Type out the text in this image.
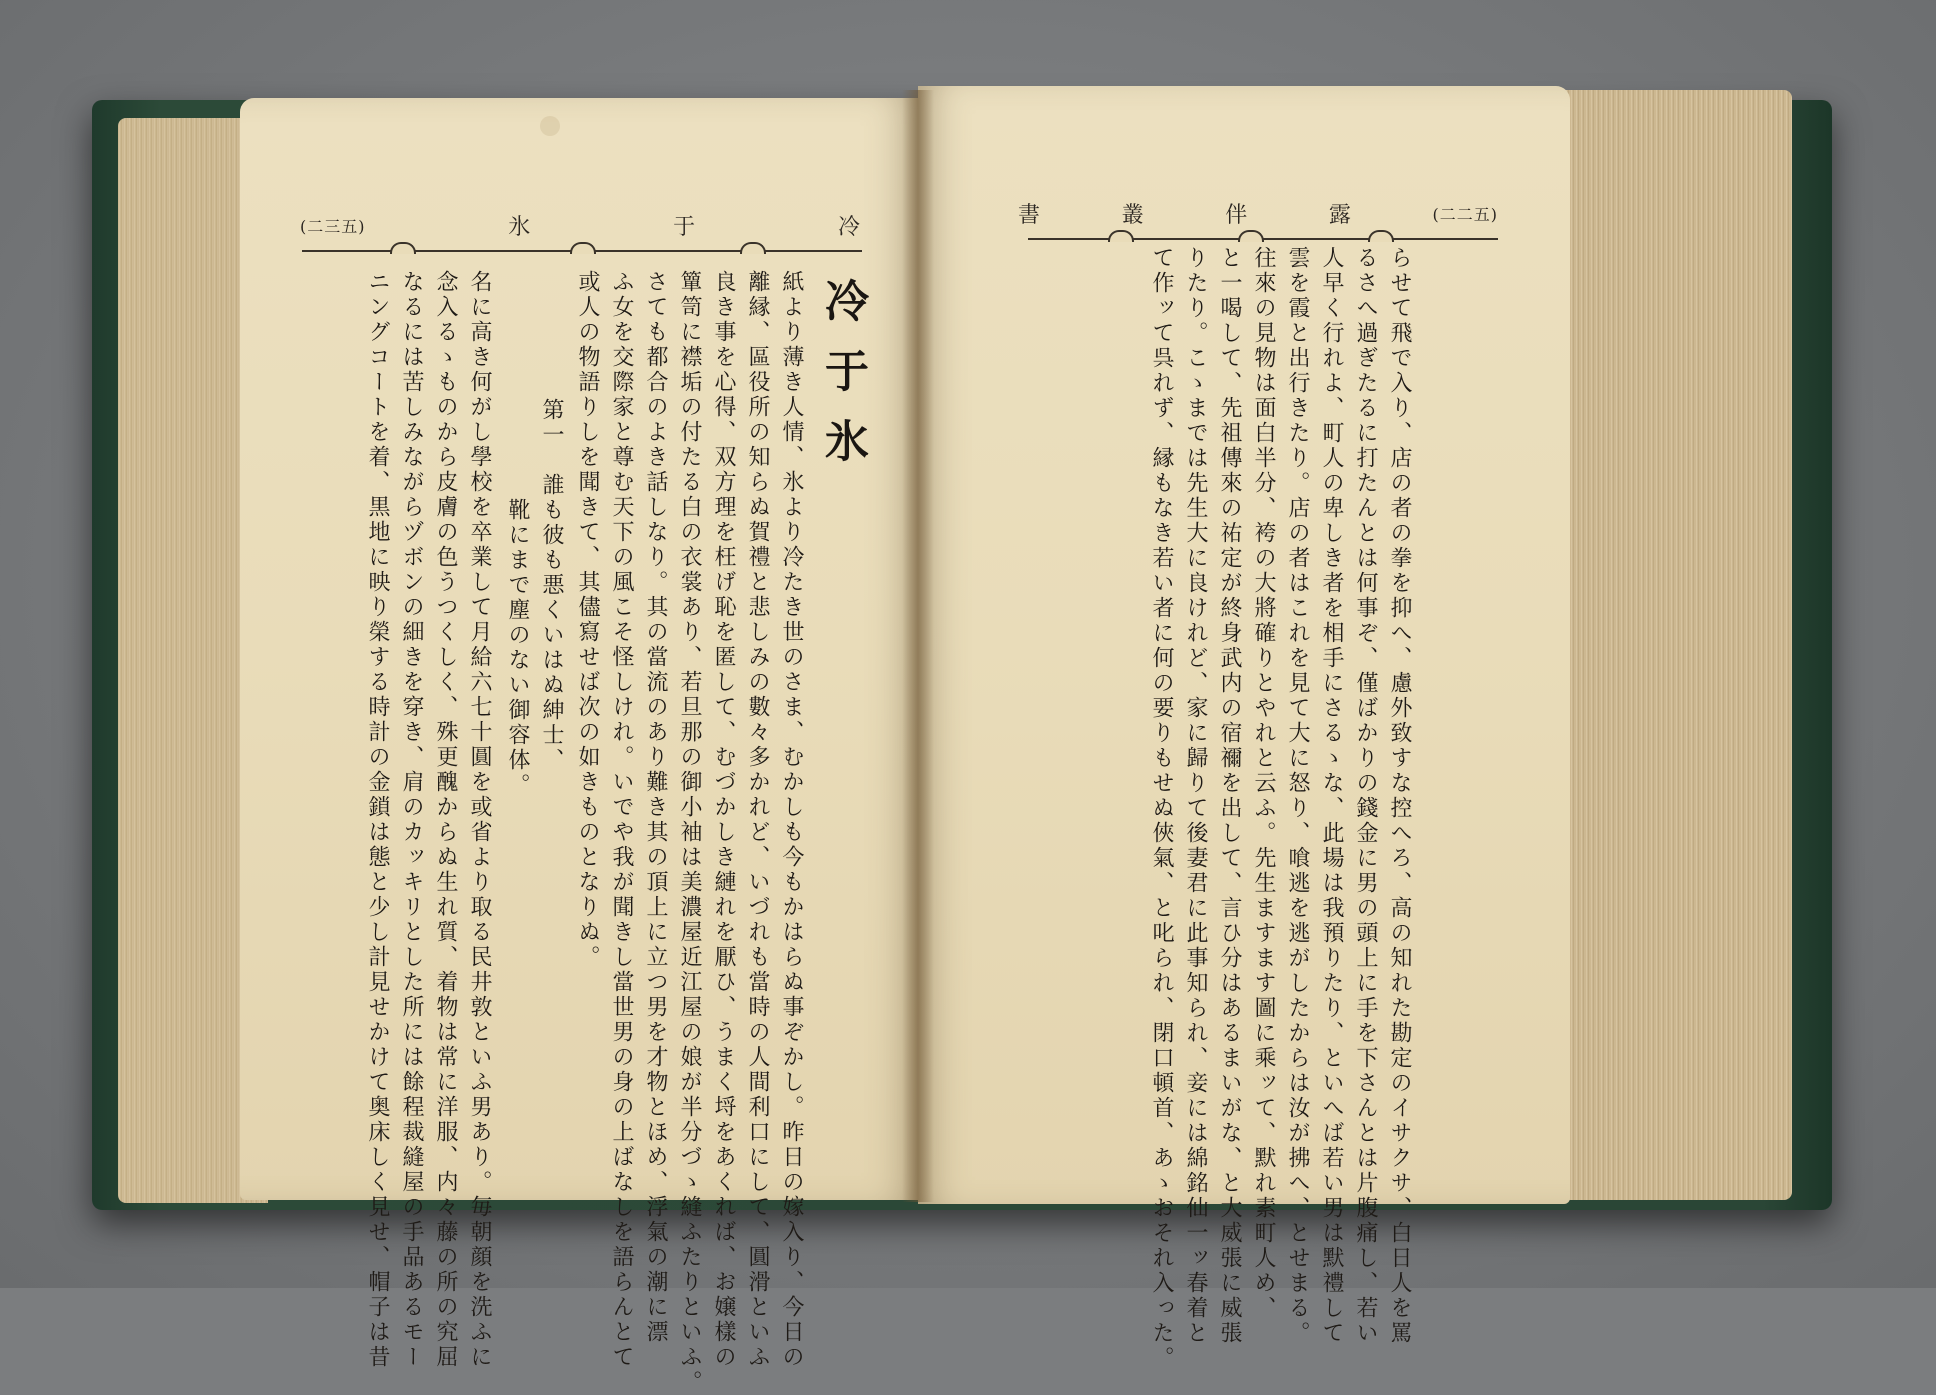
(二三五)	氷	于	冷
冷于氷
紙より薄き人情、氷より冷たき世のさま、むかしも今もかはらぬ事ぞかし。昨日の嫁入り、今日の
離縁、區役所の知らぬ賀禮と悲しみの數々多かれど、いづれも當時の人間利口にして、圓滑といふ
良き事を心得、双方理を枉げ恥を匿して、むづかしき縺れを厭ひ、うまく埒をあくれば、お嬢樣の
簞笥に襟垢の付たる白の衣裳あり、若旦那の御小袖は美濃屋近江屋の娘が半分づゝ縫ふたりといふ。
さても都合のよき話しなり。其の當流のあり難き其の頂上に立つ男を才物とほめ、浮氣の潮に漂
ふ女を交際家と尊む天下の風こそ怪しけれ。いでや我が聞きし當世男の身の上ばなしを語らんとて
或人の物語りしを聞きて、其儘寫せば次の如きものとなりぬ。
第一　誰も彼も悪くいはぬ紳士、
靴にまで塵のない御容体。
名に高き何がし學校を卒業して月給六七十圓を或省より取る民井敦といふ男あり。毎朝顔を洗ふに
念入るゝものから皮膚の色うつくしく、殊更醜からぬ生れ質、着物は常に洋服、内々藤の所の究屈
なるには苦しみながらヅボンの細きを穿き、肩のカッキリとした所には餘程裁縫屋の手品あるモー
ニングコートを着、黒地に映り榮する時計の金鎖は態と少し計見せかけて奥床しく見せ、帽子は昔
書	叢	伴	露	(二二五)
らせて飛で入り、店の者の拳を抑へ、慮外致すな控へろ、高の知れた勘定のイサクサ、白日人を罵
るさへ過ぎたるに打たんとは何事ぞ、僅ばかりの錢金に男の頭上に手を下さんとは片腹痛し、若い
人早く行れよ、町人の卑しき者を相手にさるゝな、此場は我預りたり、といへば若い男は默禮して
雲を霞と出行きたり。店の者はこれを見て大に怒り、喰逃を逃がしたからは汝が拂へ、とせまる。
往來の見物は面白半分、袴の大將確りとやれと云ふ。先生ますます圖に乘ッて、默れ素町人め、
と一喝して、先祖傳來の祐定が終身武内の宿禰を出して、言ひ分はあるまいがな、と大威張に威張
りたり。こゝまでは先生大に良けれど、家に歸りて後妻君に此事知られ、妾には綿銘仙一ッ春着と
て作ッて呉れず、縁もなき若い者に何の要りもせぬ俠氣、と叱られ、閉口頓首、あゝおそれ入った。
